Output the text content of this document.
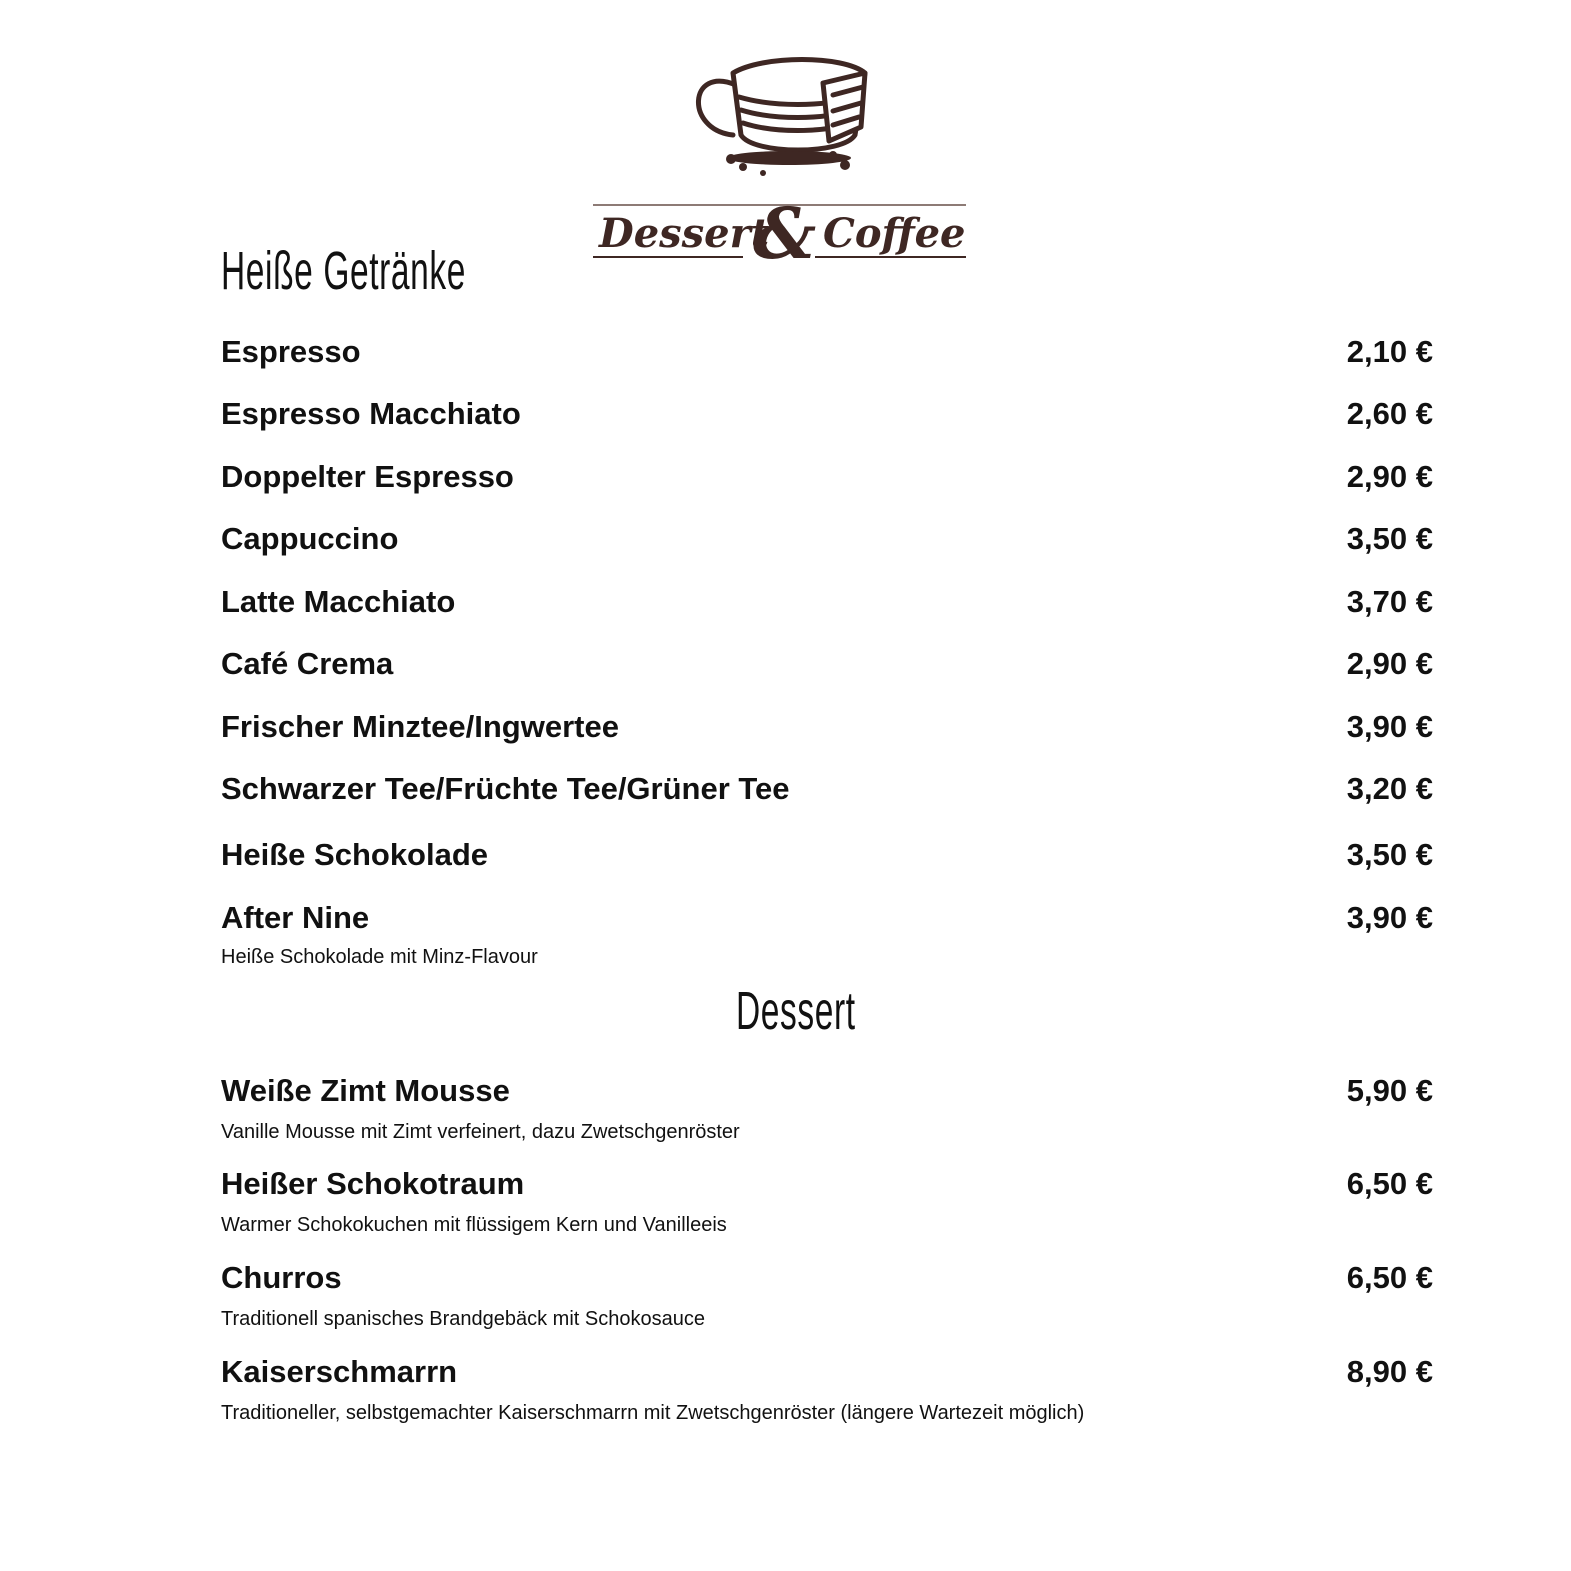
Dessert
& Coffee
Heiße Getränke
Dessert
Espresso	2,10 €
Espresso Macchiato	2,60 €
Doppelter Espresso	2,90 €
Cappuccino	3,50 €
Latte Macchiato	3,70 €
Café Crema	2,90 €
Frischer Minztee/Ingwertee	3,90 €
Schwarzer Tee/Früchte Tee/Grüner Tee	3,20 €
Heiße Schokolade	3,50 €
After Nine	3,90 €
Heiße Schokolade mit Minz-Flavour
Weiße Zimt Mousse	5,90 €
Vanille Mousse mit Zimt verfeinert, dazu Zwetschgenröster
Heißer Schokotraum	6,50 €
Warmer Schokokuchen mit flüssigem Kern und Vanilleeis
Churros	6,50 €
Traditionell spanisches Brandgebäck mit Schokosauce
Kaiserschmarrn	8,90 €
Traditioneller, selbstgemachter Kaiserschmarrn mit Zwetschgenröster (längere Wartezeit möglich)
